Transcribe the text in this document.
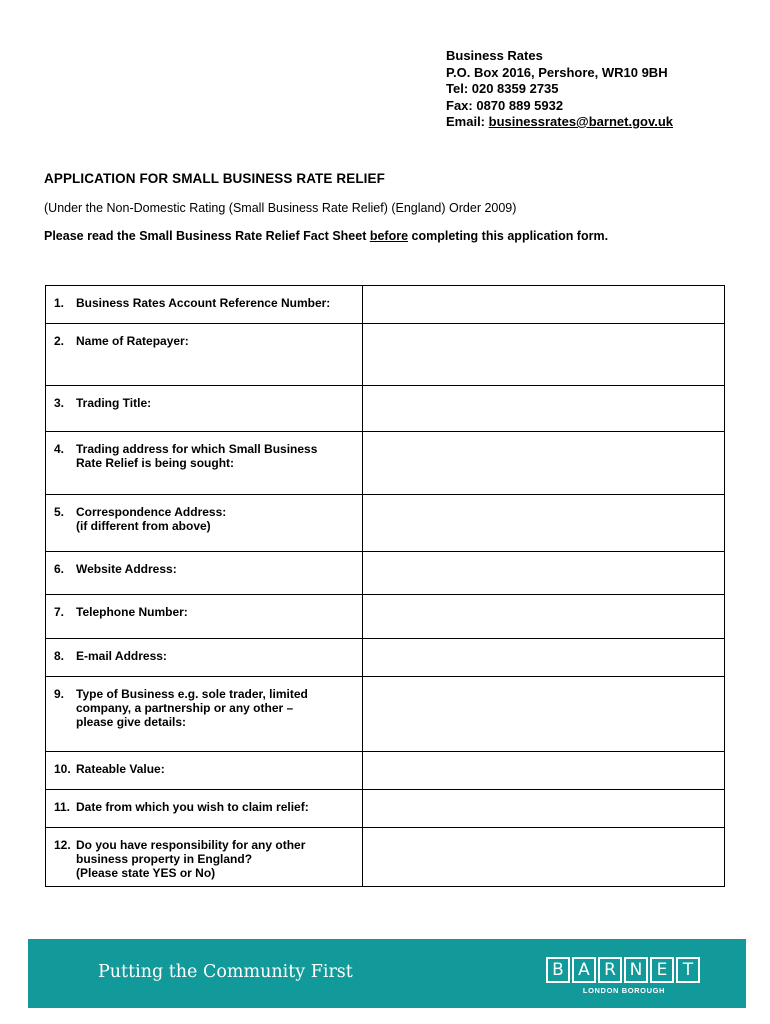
Business Rates
P.O. Box 2016, Pershore, WR10 9BH
Tel: 020 8359 2735
Fax: 0870 889 5932
Email: businessrates@barnet.gov.uk
APPLICATION FOR SMALL BUSINESS RATE RELIEF
(Under the Non-Domestic Rating (Small Business Rate Relief) (England) Order 2009)
Please read the Small Business Rate Relief Fact Sheet before completing this application form.
1. Business Rates Account Reference Number:	

2. Name of Ratepayer:	

3. Trading Title:	

4. Trading address for which Small Business
Rate Relief is being sought:	

5. Correspondence Address:
(if different from above)	

6. Website Address:	

7. Telephone Number:	

8. E-mail Address:	

9. Type of Business e.g. sole trader, limited
company, a partnership or any other –
please give details:	

10. Rateable Value:	

11. Date from which you wish to claim relief:	

12. Do you have responsibility for any other
business property in England?
(Please state YES or No)	

Putting the Community First	B A R N E T
LONDON BOROUGH
